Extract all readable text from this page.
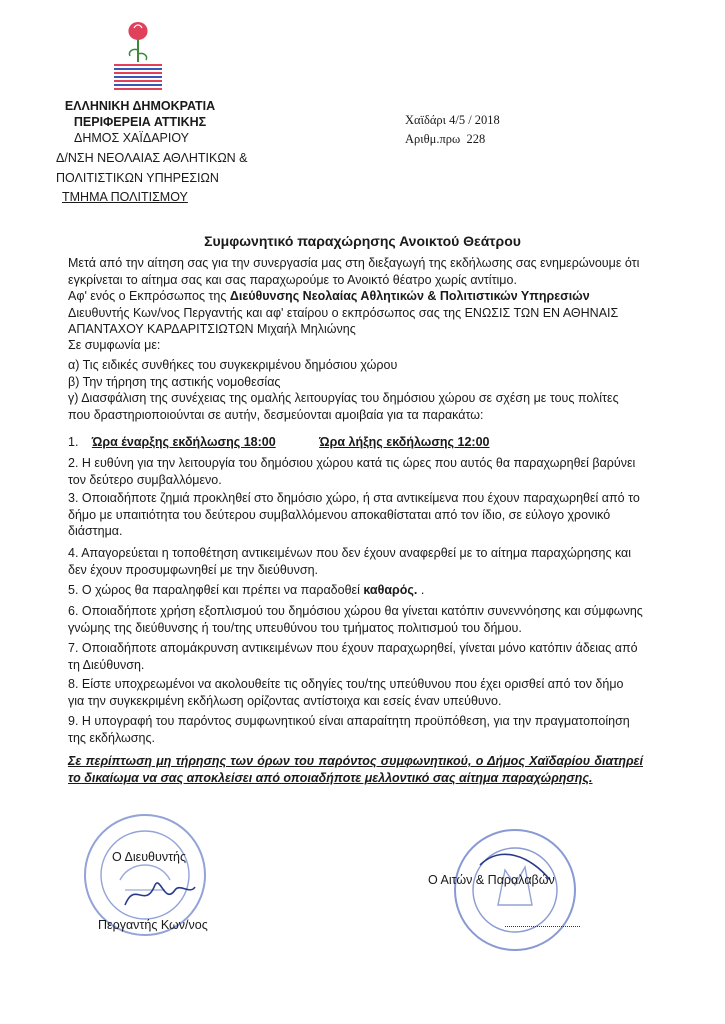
ΕΛΛΗΝΙΚΗ ΔΗΜΟΚΡΑΤΙΑ
ΠΕΡΙΦΕΡΕΙΑ ΑΤΤΙΚΗΣ
ΔΗΜΟΣ ΧΑΪΔΑΡΙΟΥ
Δ/ΝΣΗ ΝΕΟΛΑΙΑΣ ΑΘΛΗΤΙΚΩΝ &
ΠΟΛΙΤΙΣΤΙΚΩΝ ΥΠΗΡΕΣΙΩΝ
ΤΜΗΜΑ ΠΟΛΙΤΙΣΜΟΥ
Χαϊδάρι 4/5 / 2018
Αριθμ.πρω 228
Συμφωνητικό παραχώρησης Ανοικτού Θεάτρου
Μετά από την αίτηση σας για την συνεργασία μας στη διεξαγωγή της εκδήλωσης σας ενημερώνουμε ότι εγκρίνεται το αίτημα σας και σας παραχωρούμε το Ανοικτό θέατρο χωρίς αντίτιμο.
Αφ' ενός ο Εκπρόσωπος της Διεύθυνσης Νεολαίας Αθλητικών & Πολιτιστικών Υπηρεσιών
Διευθυντής Κων/νος Περγαντής και αφ' εταίρου ο εκπρόσωπος σας της ΕΝΩΣΙΣ ΤΩΝ ΕΝ ΑΘΗΝΑΙΣ ΑΠΑΝΤΑΧΟΥ ΚΑΡΔΑΡΙΤΣΙΩΤΩΝ Μιχαήλ Μηλιώνης
Σε συμφωνία με:
α) Τις ειδικές συνθήκες του συγκεκριμένου δημόσιου χώρου
β) Την τήρηση της αστικής νομοθεσίας
γ) Διασφάλιση της συνέχειας της ομαλής λειτουργίας του δημόσιου χώρου σε σχέση με τους πολίτες που δραστηριοποιούνται σε αυτήν, δεσμεύονται αμοιβαία για τα παρακάτω:
1. Ώρα έναρξης εκδήλωσης 18:00	Ώρα λήξης εκδήλωσης 12:00
2. Η ευθύνη για την λειτουργία του δημόσιου χώρου κατά τις ώρες που αυτός θα παραχωρηθεί βαρύνει τον δεύτερο συμβαλλόμενο.
3. Οποιαδήποτε ζημιά προκληθεί στο δημόσιο χώρο, ή στα αντικείμενα που έχουν παραχωρηθεί από το δήμο με υπαιτιότητα του δεύτερου συμβαλλόμενου αποκαθίσταται από τον ίδιο, σε εύλογο χρονικό διάστημα.
4. Απαγορεύεται η τοποθέτηση αντικειμένων που δεν έχουν αναφερθεί με το αίτημα παραχώρησης και δεν έχουν προσυμφωνηθεί με την διεύθυνση.
5. Ο χώρος θα παραληφθεί και πρέπει να παραδοθεί καθαρός. .
6. Οποιαδήποτε χρήση εξοπλισμού του δημόσιου χώρου θα γίνεται κατόπιν συνεννόησης και σύμφωνης γνώμης της διεύθυνσης ή του/της υπευθύνου του τμήματος πολιτισμού του δήμου.
7. Οποιαδήποτε απομάκρυνση αντικειμένων που έχουν παραχωρηθεί, γίνεται μόνο κατόπιν άδειας από τη Διεύθυνση.
8. Είστε υποχρεωμένοι να ακολουθείτε τις οδηγίες του/της υπεύθυνου που έχει ορισθεί από τον δήμο για την συγκεκριμένη εκδήλωση ορίζοντας αντίστοιχα και εσείς έναν υπεύθυνο.
9. Η υπογραφή του παρόντος συμφωνητικού είναι απαραίτητη προϋπόθεση, για την πραγματοποίηση της εκδήλωσης.
Σε περίπτωση μη τήρησης των όρων του παρόντος συμφωνητικού, ο Δήμος Χαϊδαρίου διατηρεί το δικαίωμα να σας αποκλείσει από οποιαδήποτε μελλοντικό σας αίτημα παραχώρησης.
Ο Διευθυντής
Περγαντής Κων/νος
Ο Αιτών & Παραλαβών
